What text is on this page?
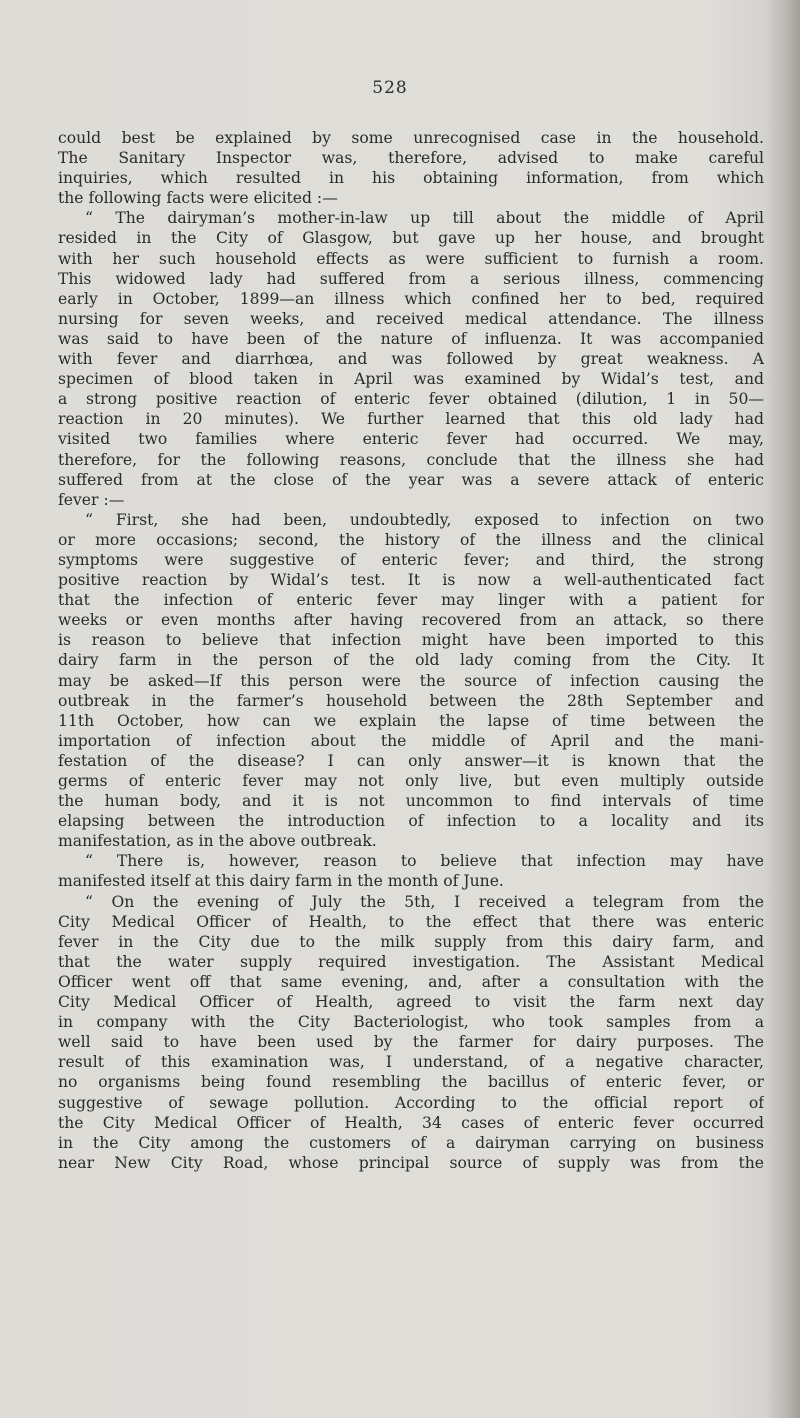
528
could best be explained by some unrecognised case in the household.
The Sanitary Inspector was, therefore, advised to make careful
inquiries, which resulted in his obtaining information, from which
the following facts were elicited :—
“ The dairyman’s mother-in-law up till about the middle of April
resided in the City of Glasgow, but gave up her house, and brought
with her such household effects as were sufficient to furnish a room.
This widowed lady had suffered from a serious illness, commencing
early in October, 1899—an illness which confined her to bed, required
nursing for seven weeks, and received medical attendance. The illness
was said to have been of the nature of influenza. It was accompanied
with fever and diarrhœa, and was followed by great weakness. A
specimen of blood taken in April was examined by Widal’s test, and
a strong positive reaction of enteric fever obtained (dilution, 1 in 50—
reaction in 20 minutes). We further learned that this old lady had
visited two families where enteric fever had occurred. We may,
therefore, for the following reasons, conclude that the illness she had
suffered from at the close of the year was a severe attack of enteric
fever :—
“ First, she had been, undoubtedly, exposed to infection on two
or more occasions; second, the history of the illness and the clinical
symptoms were suggestive of enteric fever; and third, the strong
positive reaction by Widal’s test. It is now a well-authenticated fact
that the infection of enteric fever may linger with a patient for
weeks or even months after having recovered from an attack, so there
is reason to believe that infection might have been imported to this
dairy farm in the person of the old lady coming from the City. It
may be asked—If this person were the source of infection causing the
outbreak in the farmer’s household between the 28th September and
11th October, how can we explain the lapse of time between the
importation of infection about the middle of April and the mani-
festation of the disease? I can only answer—it is known that the
germs of enteric fever may not only live, but even multiply outside
the human body, and it is not uncommon to find intervals of time
elapsing between the introduction of infection to a locality and its
manifestation, as in the above outbreak.
“ There is, however, reason to believe that infection may have
manifested itself at this dairy farm in the month of June.
“ On the evening of July the 5th, I received a telegram from the
City Medical Officer of Health, to the effect that there was enteric
fever in the City due to the milk supply from this dairy farm, and
that the water supply required investigation. The Assistant Medical
Officer went off that same evening, and, after a consultation with the
City Medical Officer of Health, agreed to visit the farm next day
in company with the City Bacteriologist, who took samples from a
well said to have been used by the farmer for dairy purposes. The
result of this examination was, I understand, of a negative character,
no organisms being found resembling the bacillus of enteric fever, or
suggestive of sewage pollution. According to the official report of
the City Medical Officer of Health, 34 cases of enteric fever occurred
in the City among the customers of a dairyman carrying on business
near New City Road, whose principal source of supply was from the
